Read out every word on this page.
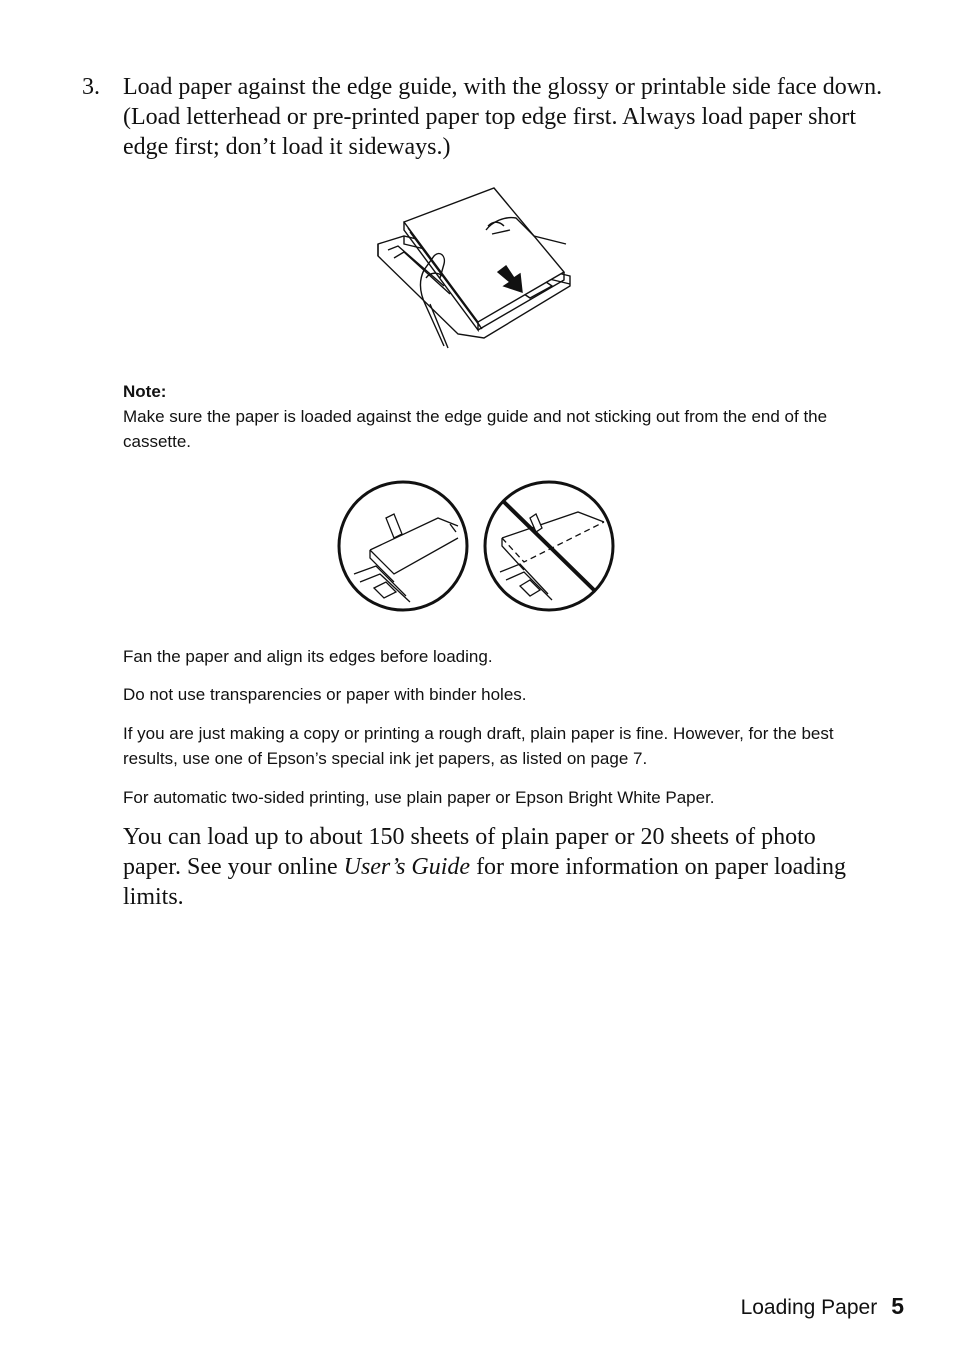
3. Load paper against the edge guide, with the glossy or printable side face down. (Load letterhead or pre-printed paper top edge first. Always load paper short edge first; don’t load it sideways.)
Note:
Make sure the paper is loaded against the edge guide and not sticking out from the end of the cassette.
Fan the paper and align its edges before loading.
Do not use transparencies or paper with binder holes.
If you are just making a copy or printing a rough draft, plain paper is fine. However, for the best results, use one of Epson’s special ink jet papers, as listed on page 7.
For automatic two-sided printing, use plain paper or Epson Bright White Paper.
You can load up to about 150 sheets of plain paper or 20 sheets of photo paper. See your online User’s Guide for more information on paper loading limits.
Loading Paper 5
